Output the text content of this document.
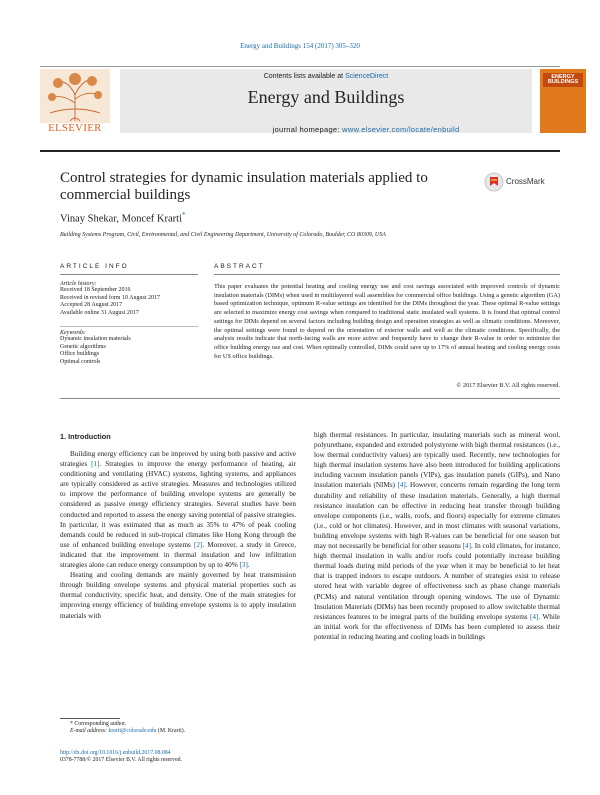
Energy and Buildings 154 (2017) 305–320
ELSEVIER
Contents lists available at ScienceDirect
Energy and Buildings
journal homepage: www.elsevier.com/locate/enbuild
ENERGY BUILDINGS
Control strategies for dynamic insulation materials applied to commercial buildings
CrossMark
Vinay Shekar, Moncef Krarti*
Building Systems Program, Civil, Environmental, and Civil Engineering Department, University of Colorado, Boulder, CO 80309, USA
ARTICLE INFO	ABSTRACT
Article history:
Received 18 September 2016
Received in revised form 10 August 2017
Accepted 28 August 2017
Available online 31 August 2017
Keywords:
Dynamic insulation materials
Genetic algorithms
Office buildings
Optimal controls
This paper evaluates the potential heating and cooling energy use and cost savings associated with improved controls of dynamic insulation materials (DIMs) when used in multilayered wall assemblies for commercial office buildings. Using a genetic algorithm (GA) based optimization technique, optimum R-value settings are identified for the DIMs throughout the year. These optimal R-value settings are selected to maximize energy cost savings when compared to traditional static insulated wall systems. It is found that optimal control settings for DIMs depend on several factors including building design and operation strategies as well as climatic conditions. Moreover, the optimal settings were found to depend on the orientation of exterior walls and well as the climatic conditions. Specifically, the analysis results indicate that north-facing walls are more active and frequently have to change their R-value in order to minimize the office building energy use and cost. When optimally controlled, DIMs could save up to 17% of annual heating and cooling energy costs for US office buildings.
© 2017 Elsevier B.V. All rights reserved.
1. Introduction

Building energy efficiency can be improved by using both passive and active strategies [1]. Strategies to improve the energy performance of heating, air conditioning and ventilating (HVAC) systems, lighting systems, and appliances are typically considered as active strategies. Measures and technologies utilized to improve the performance of building envelope systems are generally be considered as passive energy efficiency strategies. Several studies have been conducted and reported to assess the energy saving potential of passive strategies. In particular, it was estimated that as much as 35% to 47% of peak cooling demands could be reduced in sub-tropical climates like Hong Kong through the use of enhanced building envelope systems [2]. Moreover, a study in Greece, indicated that the improvement in thermal insulation and low infiltration strategies alone can reduce energy consumption by up to 40% [3].

Heating and cooling demands are mainly governed by heat transmission through building envelope systems and physical material properties such as thermal conductivity, specific heat, and density. One of the main strategies for improving energy efficiency of building envelope systems is to apply insulation materials with

high thermal resistances. In particular, insulating materials such as mineral wool, polyurethane, expanded and extruded polystyrene with high thermal resistances (i.e., low thermal conductivity values) are typically used. Recently, new technologies for high thermal insulation systems have also been introduced for building applications including vacuum insulation panels (VIPs), gas insulation panels (GIPs), and Nano insulation materials (NIMs) [4]. However, concerns remain regarding the long term durability and reliability of these insulation materials. Generally, a high thermal resistance insulation can be effective in reducing heat transfer through building envelope components (i.e., walls, roofs, and floors) especially for extreme climates (i.e., cold or hot climates). However, and in most climates with seasonal variations, building envelope systems with high R-values can be beneficial for one season but may not necessarily be beneficial for other seasons [4]. In cold climates, for instance, high thermal insulation in walls and/or roofs could potentially increase building thermal loads during mild periods of the year when it may be beneficial to let heat that is trapped indoors to escape outdoors. A number of strategies exist to release stored heat with variable degree of effectiveness such as phase change materials (PCMs) and natural ventilation through opening windows. The use of Dynamic Insulation Materials (DIMs) has been recently proposed to allow switchable thermal resistances features to be integral parts of the building envelope systems [4]. While an initial work for the effectiveness of DIMs has been completed to assess their potential in reducing heating and cooling loads in buildings

* Corresponding author.
E-mail address: krarti@colorado.edu (M. Krarti).
http://dx.doi.org/10.1016/j.enbuild.2017.08.084
0378-7788/© 2017 Elsevier B.V. All rights reserved.
